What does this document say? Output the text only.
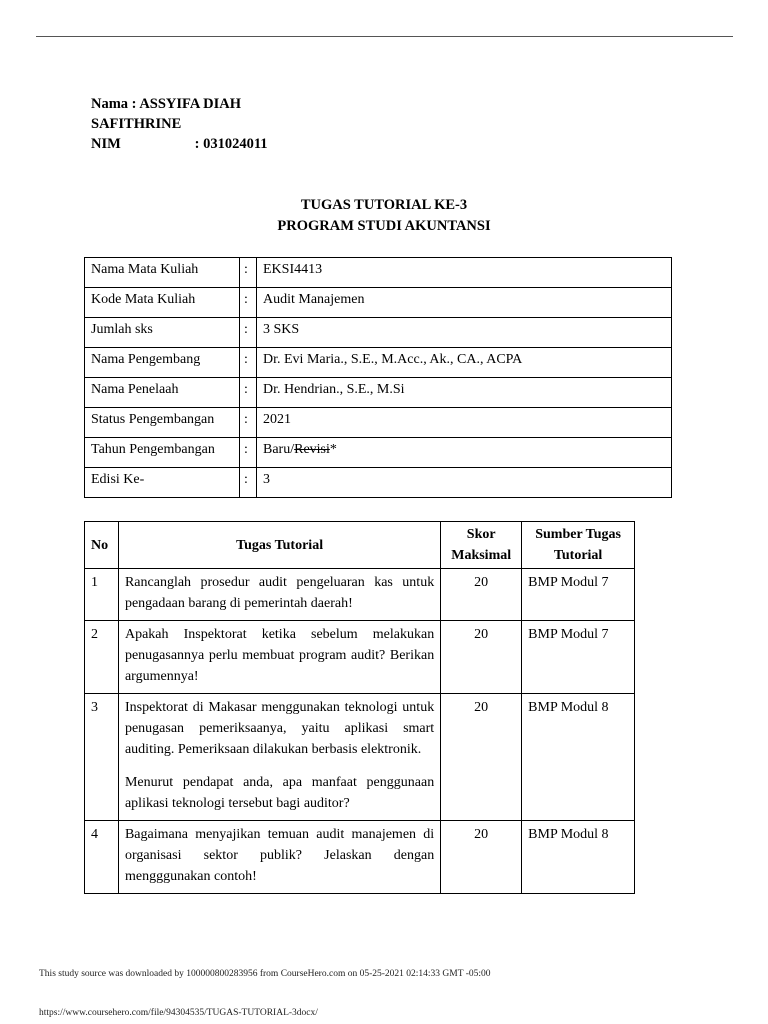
Nama : ASSYIFA DIAH
SAFITHRINE NIM	: 031024011
TUGAS TUTORIAL KE-3
PROGRAM STUDI AKUNTANSI
Nama Mata Kuliah	:	EKSI4413
Kode Mata Kuliah	:	Audit Manajemen
Jumlah sks	:	3 SKS
Nama Pengembang	:	Dr. Evi Maria., S.E., M.Acc., Ak., CA., ACPA
Nama Penelaah	:	Dr. Hendrian., S.E., M.Si
Status Pengembangan	:	2021
Tahun Pengembangan	:	Baru/Revisi*
Edisi Ke-	:	3
No	Tugas Tutorial	Skor Maksimal	Sumber Tugas Tutorial
1	Rancanglah prosedur audit pengeluaran kas untuk pengadaan barang di pemerintah daerah!	20	BMP Modul 7
2	Apakah Inspektorat ketika sebelum melakukan penugasannya perlu membuat program audit? Berikan argumennya!	20	BMP Modul 7
3	Inspektorat di Makasar menggunakan teknologi untuk penugasan pemeriksaanya, yaitu aplikasi smart auditing. Pemeriksaan dilakukan berbasis elektronik.

Menurut pendapat anda, apa manfaat penggunaan aplikasi teknologi tersebut bagi auditor?	20	BMP Modul 8
4	Bagaimana menyajikan temuan audit manajemen di organisasi sektor publik? Jelaskan dengan mengggunakan contoh!	20	BMP Modul 8
This study source was downloaded by 100000800283956 from CourseHero.com on 05-25-2021 02:14:33 GMT -05:00
https://www.coursehero.com/file/94304535/TUGAS-TUTORIAL-3docx/
